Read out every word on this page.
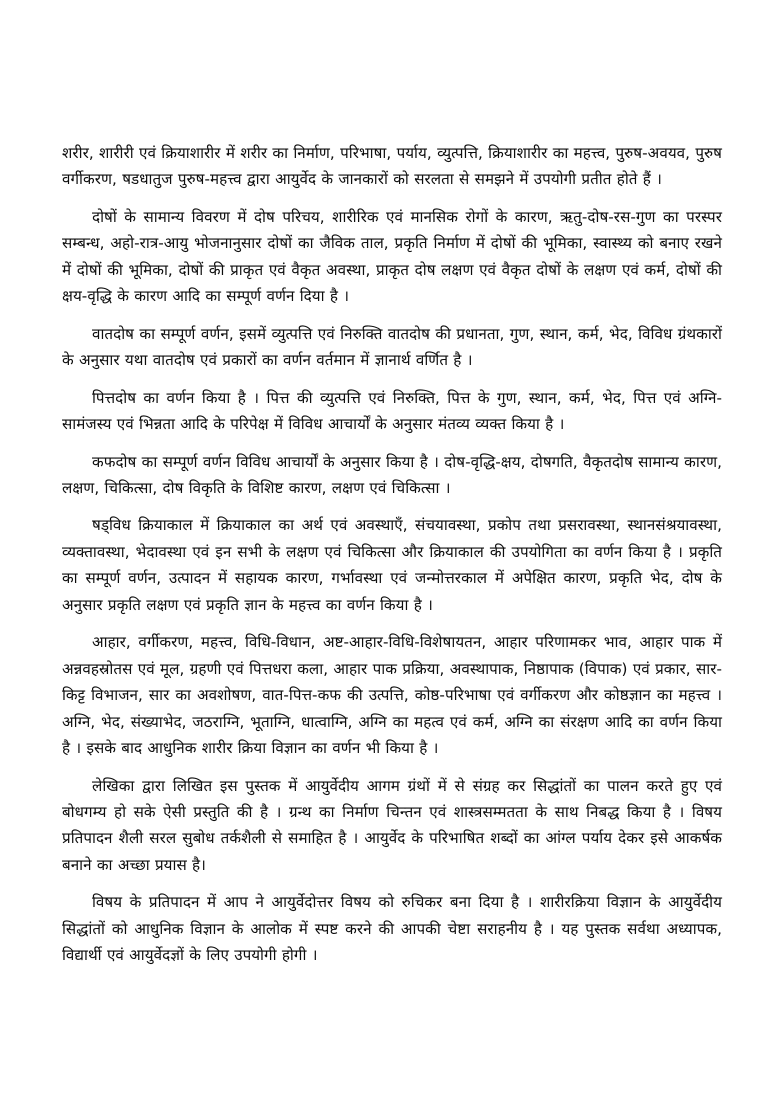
शरीर, शारीरी एवं क्रियाशारीर में शरीर का निर्माण, परिभाषा, पर्याय, व्युत्पत्ति, क्रियाशारीर का महत्त्व, पुरुष-अवयव, पुरुष वर्गीकरण, षडधातुज पुरुष-महत्त्व द्वारा आयुर्वेद के जानकारों को सरलता से समझने में उपयोगी प्रतीत होते हैं ।

दोषों के सामान्य विवरण में दोष परिचय, शारीरिक एवं मानसिक रोगों के कारण, ऋतु-दोष-रस-गुण का परस्पर सम्बन्ध, अहो-रात्र-आयु भोजनानुसार दोषों का जैविक ताल, प्रकृति निर्माण में दोषों की भूमिका, स्वास्थ्य को बनाए रखने में दोषों की भूमिका, दोषों की प्राकृत एवं वैकृत अवस्था, प्राकृत दोष लक्षण एवं वैकृत दोषों के लक्षण एवं कर्म, दोषों की क्षय-वृद्धि के कारण आदि का सम्पूर्ण वर्णन दिया है ।

वातदोष का सम्पूर्ण वर्णन, इसमें व्युत्पत्ति एवं निरुक्ति वातदोष की प्रधानता, गुण, स्थान, कर्म, भेद, विविध ग्रंथकारों के अनुसार यथा वातदोष एवं प्रकारों का वर्णन वर्तमान में ज्ञानार्थ वर्णित है ।

पित्तदोष का वर्णन किया है । पित्त की व्युत्पत्ति एवं निरुक्ति, पित्त के गुण, स्थान, कर्म, भेद, पित्त एवं अग्नि-सामंजस्य एवं भिन्नता आदि के परिपेक्ष में विविध आचार्यों के अनुसार मंतव्य व्यक्त किया है ।

कफदोष का सम्पूर्ण वर्णन विविध आचार्यों के अनुसार किया है । दोष-वृद्धि-क्षय, दोषगति, वैकृतदोष सामान्य कारण, लक्षण, चिकित्सा, दोष विकृति के विशिष्ट कारण, लक्षण एवं चिकित्सा ।

षड्विध क्रियाकाल में क्रियाकाल का अर्थ एवं अवस्थाएँ, संचयावस्था, प्रकोप तथा प्रसरावस्था, स्थानसंश्रयावस्था, व्यक्तावस्था, भेदावस्था एवं इन सभी के लक्षण एवं चिकित्सा और क्रियाकाल की उपयोगिता का वर्णन किया है । प्रकृति का सम्पूर्ण वर्णन, उत्पादन में सहायक कारण, गर्भावस्था एवं जन्मोत्तरकाल में अपेक्षित कारण, प्रकृति भेद, दोष के अनुसार प्रकृति लक्षण एवं प्रकृति ज्ञान के महत्त्व का वर्णन किया है ।

आहार, वर्गीकरण, महत्त्व, विधि-विधान, अष्ट-आहार-विधि-विशेषायतन, आहार परिणामकर भाव, आहार पाक में अन्नवहस्रोतस एवं मूल, ग्रहणी एवं पित्तधरा कला, आहार पाक प्रक्रिया, अवस्थापाक, निष्ठापाक (विपाक) एवं प्रकार, सार-किट्ट विभाजन, सार का अवशोषण, वात-पित्त-कफ की उत्पत्ति, कोष्ठ-परिभाषा एवं वर्गीकरण और कोष्ठज्ञान का महत्त्व । अग्नि, भेद, संख्याभेद, जठराग्नि, भूताग्नि, धात्वाग्नि, अग्नि का महत्व एवं कर्म, अग्नि का संरक्षण आदि का वर्णन किया है । इसके बाद आधुनिक शारीर क्रिया विज्ञान का वर्णन भी किया है ।

लेखिका द्वारा लिखित इस पुस्तक में आयुर्वेदीय आगम ग्रंथों में से संग्रह कर सिद्धांतों का पालन करते हुए एवं बोधगम्य हो सके ऐसी प्रस्तुति की है । ग्रन्थ का निर्माण चिन्तन एवं शास्त्रसम्मतता के साथ निबद्ध किया है । विषय प्रतिपादन शैली सरल सुबोध तर्कशैली से समाहित है । आयुर्वेद के परिभाषित शब्दों का आंग्ल पर्याय देकर इसे आकर्षक बनाने का अच्छा प्रयास है।

विषय के प्रतिपादन में आप ने आयुर्वेदोत्तर विषय को रुचिकर बना दिया है । शारीरक्रिया विज्ञान के आयुर्वेदीय सिद्धांतों को आधुनिक विज्ञान के आलोक में स्पष्ट करने की आपकी चेष्टा सराहनीय है । यह पुस्तक सर्वथा अध्यापक, विद्यार्थी एवं आयुर्वेदज्ञों के लिए उपयोगी होगी ।
